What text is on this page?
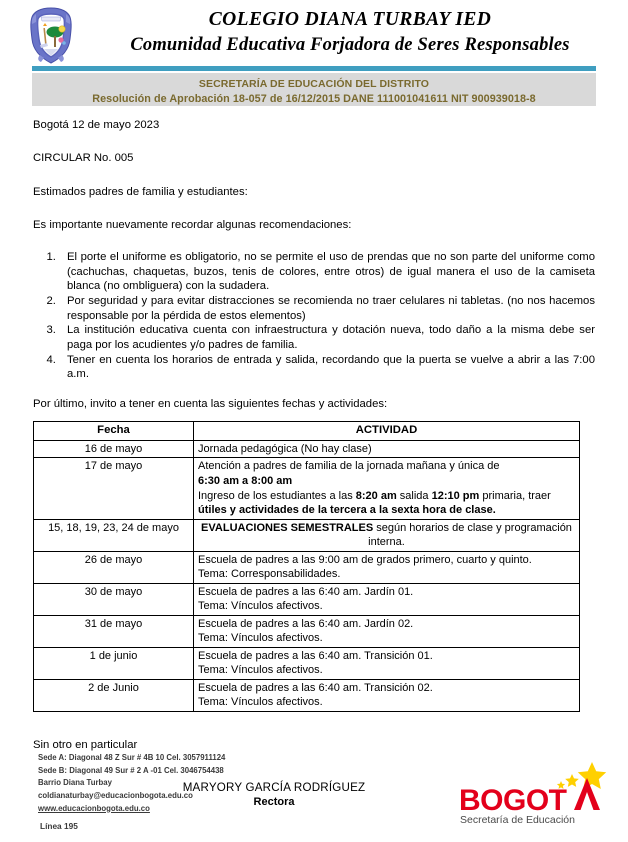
COLEGIO DIANA TURBAY IED
Comunidad Educativa Forjadora de Seres Responsables
SECRETARÍA DE EDUCACIÓN DEL DISTRITO
Resolución de Aprobación 18-057 de 16/12/2015 DANE 111001041611 NIT 900939018-8
Bogotá 12 de mayo 2023
CIRCULAR No. 005
Estimados padres de familia y estudiantes:
Es importante nuevamente recordar algunas recomendaciones:
1. El porte el uniforme es obligatorio, no se permite el uso de prendas que no son parte del uniforme como (cachuchas, chaquetas, buzos, tenis de colores, entre otros) de igual manera el uso de la camiseta blanca (no ombliguera) con la sudadera.
2. Por seguridad y para evitar distracciones se recomienda no traer celulares ni tabletas. (no nos hacemos responsable por la pérdida de estos elementos)
3. La institución educativa cuenta con infraestructura y dotación nueva, todo daño a la misma debe ser paga por los acudientes y/o padres de familia.
4. Tener en cuenta los horarios de entrada y salida, recordando que la puerta se vuelve a abrir a las 7:00 a.m.
Por último, invito a tener en cuenta las siguientes fechas y actividades:
Fecha	ACTIVIDAD
16 de mayo	Jornada pedagógica (No hay clase)

17 de mayo	Atención a padres de familia de la jornada mañana y única de
6:30 am a 8:00 am
Ingreso de los estudiantes a las 8:20 am salida 12:10 pm primaria, traer
útiles y actividades de la tercera a la sexta hora de clase.

15, 18, 19, 23, 24 de mayo	EVALUACIONES SEMESTRALES según horarios de clase y programación interna.

26 de mayo	Escuela de padres a las 9:00 am de grados primero, cuarto y quinto.
Tema: Corresponsabilidades.

30 de mayo	Escuela de padres a las 6:40 am. Jardín 01.
Tema: Vínculos afectivos.

31 de mayo	Escuela de padres a las 6:40 am. Jardín 02.
Tema: Vínculos afectivos.

1 de junio	Escuela de padres a las 6:40 am. Transición 01.
Tema: Vínculos afectivos.

2 de Junio	Escuela de padres a las 6:40 am. Transición 02.
Tema: Vínculos afectivos.
Sin otro en particular
MARYORY GARCÍA RODRÍGUEZ
Rectora
Sede A: Diagonal 48 Z Sur # 4B 10 Cel. 3057911124
Sede B: Diagonal 49 Sur # 2 A -01 Cel. 3046754438
Barrio Diana Turbay
coldianaturbay@educacionbogota.edu.co
www.educacionbogota.edu.co
Línea 195
BOGOT
Secretaría de Educación
